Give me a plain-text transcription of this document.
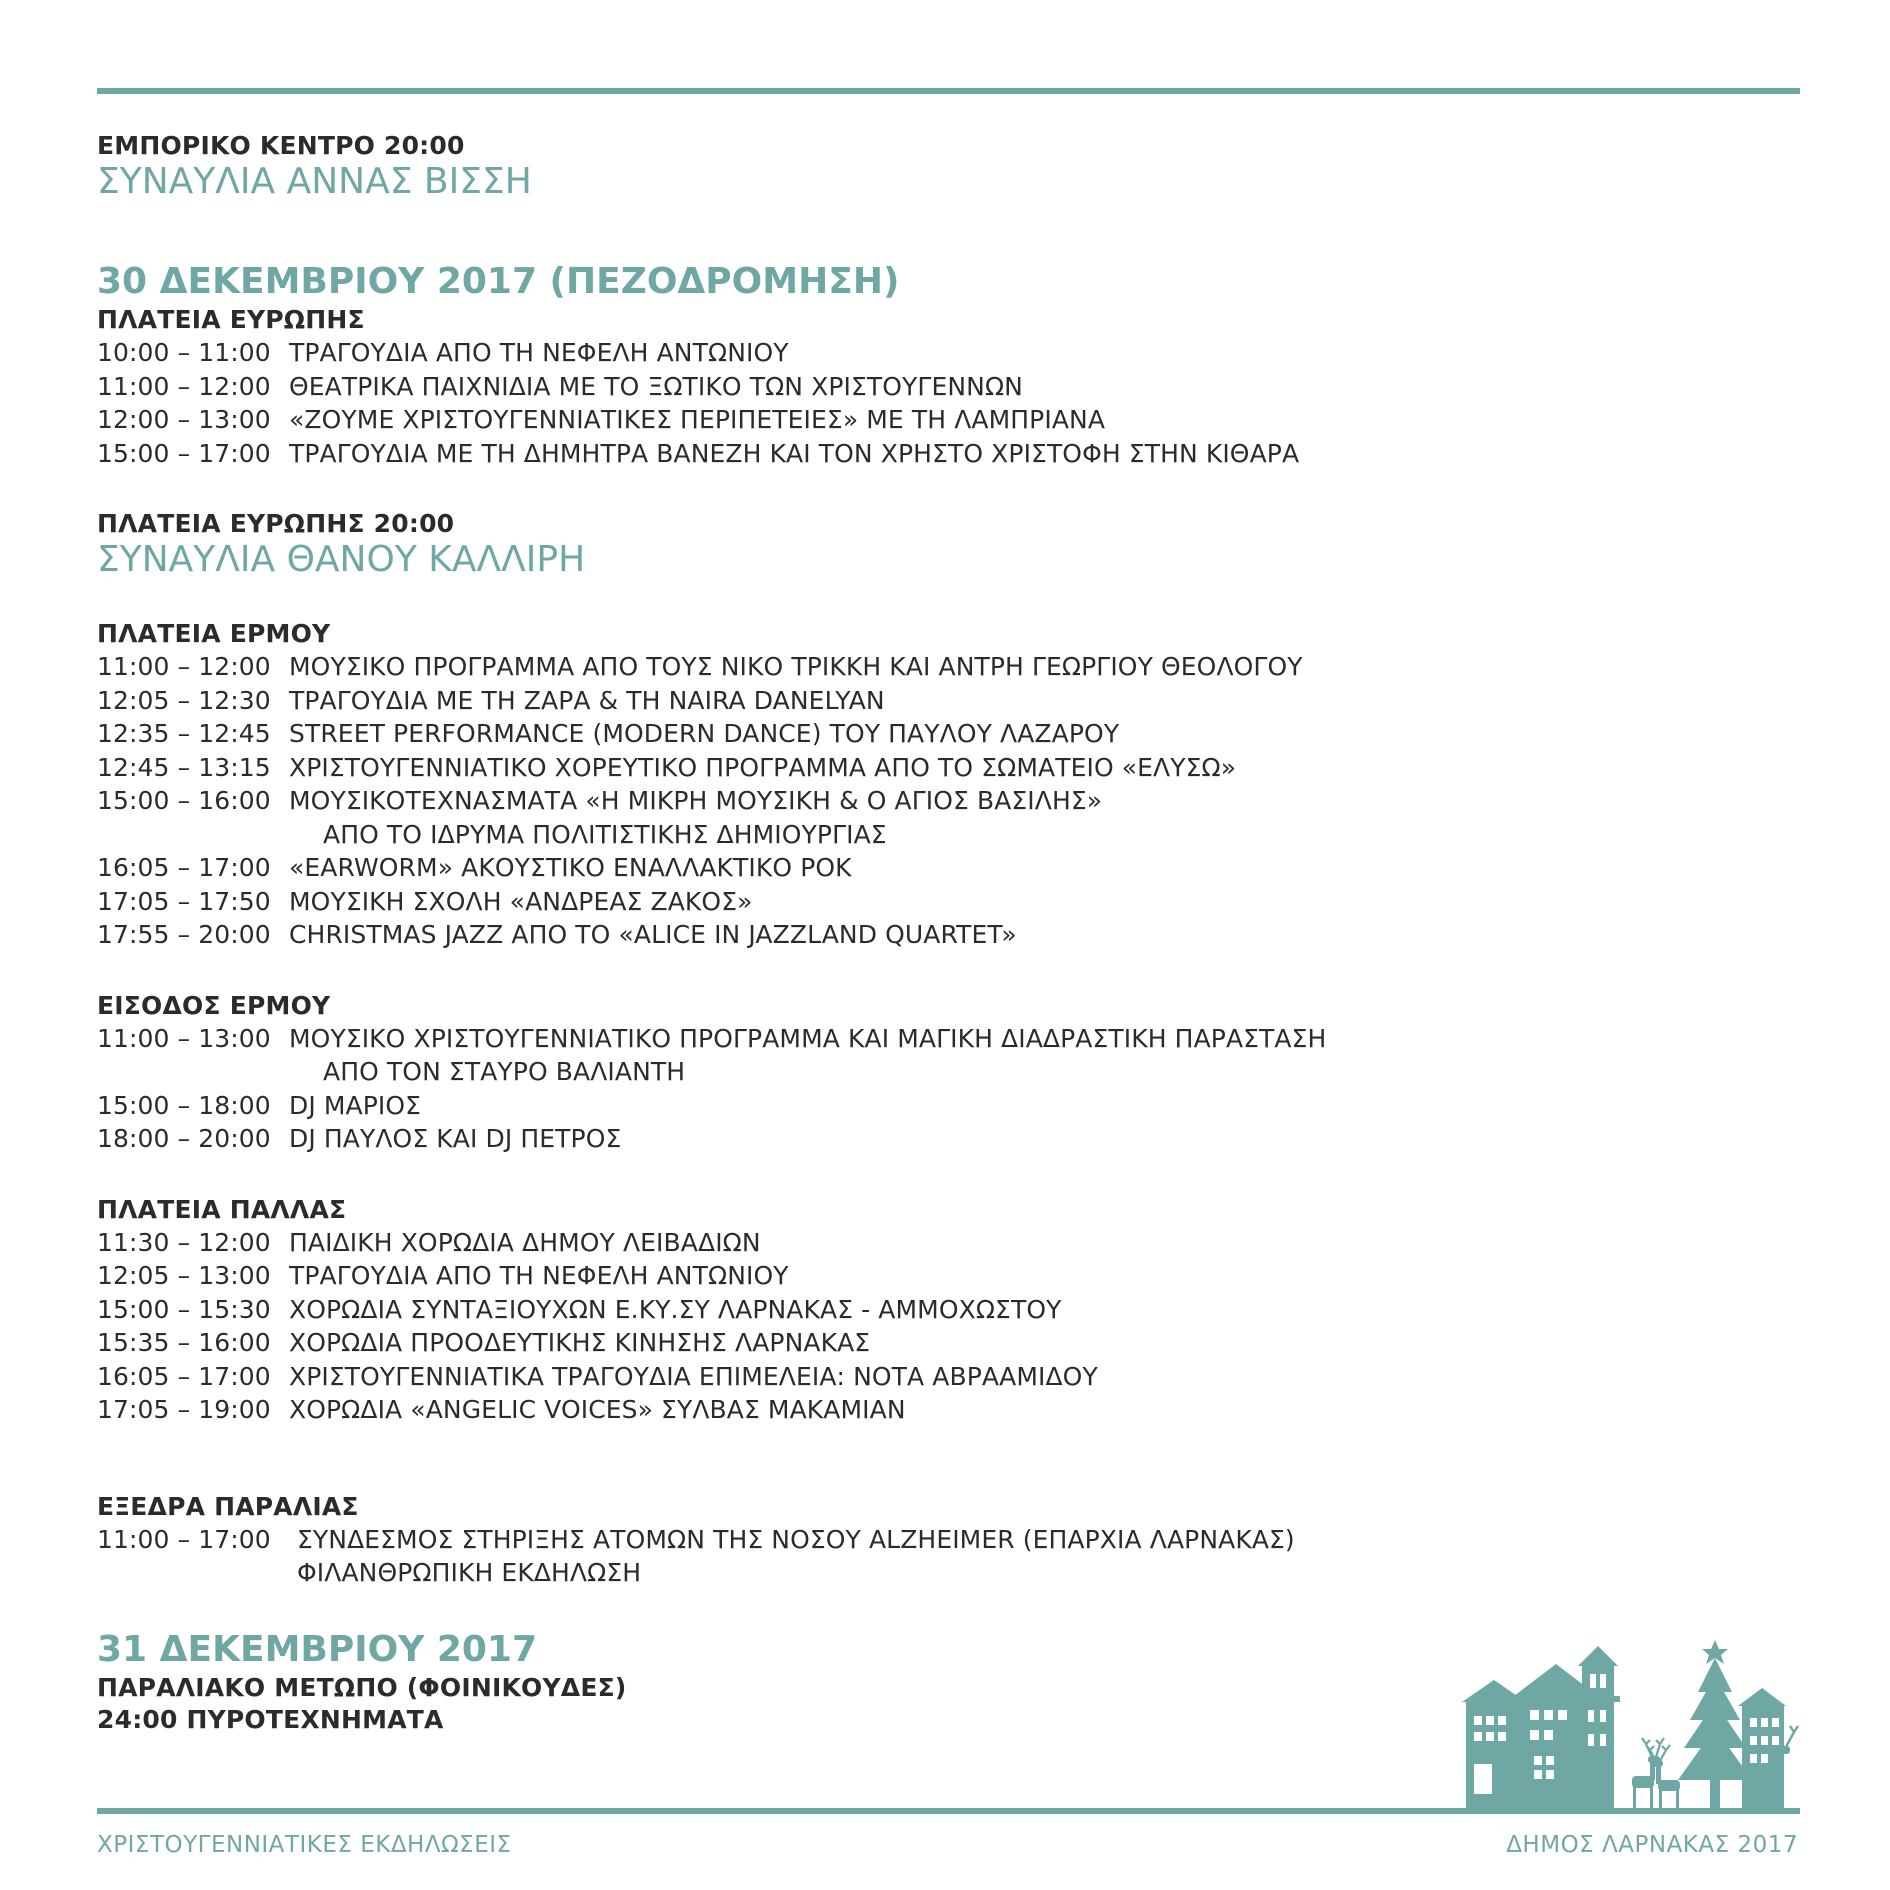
ΕΜΠΟΡΙΚΟ ΚΕΝΤΡΟ 20:00
ΣΥΝΑΥΛΙΑ ΑΝΝΑΣ ΒΙΣΣΗ
30 ΔΕΚΕΜΒΡΙΟΥ 2017 (ΠΕΖΟΔΡΟΜΗΣΗ)
ΠΛΑΤΕΙΑ ΕΥΡΩΠΗΣ
10:00 – 11:00 ΤΡΑΓΟΥΔΙΑ ΑΠΟ ΤΗ ΝΕΦΕΛΗ ΑΝΤΩΝΙΟΥ
11:00 – 12:00 ΘΕΑΤΡΙΚΑ ΠΑΙΧΝΙΔΙΑ ΜΕ ΤΟ ΞΩΤΙΚΟ ΤΩΝ ΧΡΙΣΤΟΥΓΕΝΝΩΝ
12:00 – 13:00 «ΖΟΥΜΕ ΧΡΙΣΤΟΥΓΕΝΝΙΑΤΙΚΕΣ ΠΕΡΙΠΕΤΕΙΕΣ» ΜΕ ΤΗ ΛΑΜΠΡΙΑΝΑ
15:00 – 17:00 ΤΡΑΓΟΥΔΙΑ ΜΕ ΤΗ ΔΗΜΗΤΡΑ ΒΑΝΕΖΗ ΚΑΙ ΤΟΝ ΧΡΗΣΤΟ ΧΡΙΣΤΟΦΗ ΣΤΗΝ ΚΙΘΑΡΑ
ΠΛΑΤΕΙΑ ΕΥΡΩΠΗΣ 20:00
ΣΥΝΑΥΛΙΑ ΘΑΝΟΥ ΚΑΛΛΙΡΗ
ΠΛΑΤΕΙΑ ΕΡΜΟΥ
11:00 – 12:00 ΜΟΥΣΙΚΟ ΠΡΟΓΡΑΜΜΑ ΑΠΟ ΤΟΥΣ ΝΙΚΟ ΤΡΙΚΚΗ ΚΑΙ ΑΝΤΡΗ ΓΕΩΡΓΙΟΥ ΘΕΟΛΟΓΟΥ
12:05 – 12:30 ΤΡΑΓΟΥΔΙΑ ΜΕ ΤΗ ΖΑΡΑ & ΤΗ NAIRA DANELYAN
12:35 – 12:45 STREET PERFORMANCE (MODERN DANCE) ΤΟΥ ΠΑΥΛΟΥ ΛΑΖΑΡΟΥ
12:45 – 13:15 ΧΡΙΣΤΟΥΓΕΝΝΙΑΤΙΚΟ ΧΟΡΕΥΤΙΚΟ ΠΡΟΓΡΑΜΜΑ ΑΠΟ ΤΟ ΣΩΜΑΤΕΙΟ «ΕΛΥΣΩ»
15:00 – 16:00 ΜΟΥΣΙΚΟΤΕΧΝΑΣΜΑΤΑ «Η ΜΙΚΡΗ ΜΟΥΣΙΚΗ & Ο ΑΓΙΟΣ ΒΑΣΙΛΗΣ»
ΑΠΟ ΤΟ ΙΔΡΥΜΑ ΠΟΛΙΤΙΣΤΙΚΗΣ ΔΗΜΙΟΥΡΓΙΑΣ
16:05 – 17:00 «EARWORM» ΑΚΟΥΣΤΙΚΟ ΕΝΑΛΛΑΚΤΙΚΟ ΡΟΚ
17:05 – 17:50 ΜΟΥΣΙΚΗ ΣΧΟΛΗ «ΑΝΔΡΕΑΣ ΖΑΚΟΣ»
17:55 – 20:00 CHRISTMAS JAZZ ΑΠΟ ΤΟ «ALICE IN JAZZLAND QUARTET»
ΕΙΣΟΔΟΣ ΕΡΜΟΥ
11:00 – 13:00 ΜΟΥΣΙΚΟ ΧΡΙΣΤΟΥΓΕΝΝΙΑΤΙΚΟ ΠΡΟΓΡΑΜΜΑ ΚΑΙ ΜΑΓΙΚΗ ΔΙΑΔΡΑΣΤΙΚΗ ΠΑΡΑΣΤΑΣΗ
ΑΠΟ ΤΟΝ ΣΤΑΥΡΟ ΒΑΛΙΑΝΤΗ
15:00 – 18:00 DJ ΜΑΡΙΟΣ
18:00 – 20:00 DJ ΠΑΥΛΟΣ ΚΑΙ DJ ΠΕΤΡΟΣ
ΠΛΑΤΕΙΑ ΠΑΛΛΑΣ
11:30 – 12:00 ΠΑΙΔΙΚΗ ΧΟΡΩΔΙΑ ΔΗΜΟΥ ΛΕΙΒΑΔΙΩΝ
12:05 – 13:00 ΤΡΑΓΟΥΔΙΑ ΑΠΟ ΤΗ ΝΕΦΕΛΗ ΑΝΤΩΝΙΟΥ
15:00 – 15:30 ΧΟΡΩΔΙΑ ΣΥΝΤΑΞΙΟΥΧΩΝ Ε.ΚΥ.ΣΥ ΛΑΡΝΑΚΑΣ - ΑΜΜΟΧΩΣΤΟΥ
15:35 – 16:00 ΧΟΡΩΔΙΑ ΠΡΟΟΔΕΥΤΙΚΗΣ ΚΙΝΗΣΗΣ ΛΑΡΝΑΚΑΣ
16:05 – 17:00 ΧΡΙΣΤΟΥΓΕΝΝΙΑΤΙΚΑ ΤΡΑΓΟΥΔΙΑ ΕΠΙΜΕΛΕΙΑ: ΝΟΤΑ ΑΒΡΑΑΜΙΔΟΥ
17:05 – 19:00 ΧΟΡΩΔΙΑ «ANGELIC VOICES» ΣΥΛΒΑΣ ΜΑΚΑΜΙΑΝ
ΕΞΕΔΡΑ ΠΑΡΑΛΙΑΣ
11:00 – 17:00	ΣΥΝΔΕΣΜΟΣ ΣΤΗΡΙΞΗΣ ΑΤΟΜΩΝ ΤΗΣ ΝΟΣΟΥ ALZHEIMER (ΕΠΑΡΧΙΑ ΛΑΡΝΑΚΑΣ)
ΦΙΛΑΝΘΡΩΠΙΚΗ ΕΚΔΗΛΩΣΗ
31 ΔΕΚΕΜΒΡΙΟΥ 2017
ΠΑΡΑΛΙΑΚΟ ΜΕΤΩΠΟ (ΦΟΙΝΙΚΟΥΔΕΣ)
24:00 ΠΥΡΟΤΕΧΝΗΜΑΤΑ
ΧΡΙΣΤΟΥΓΕΝΝΙΑΤΙΚΕΣ ΕΚΔΗΛΩΣΕΙΣ	ΔΗΜΟΣ ΛΑΡΝΑΚΑΣ 2017
